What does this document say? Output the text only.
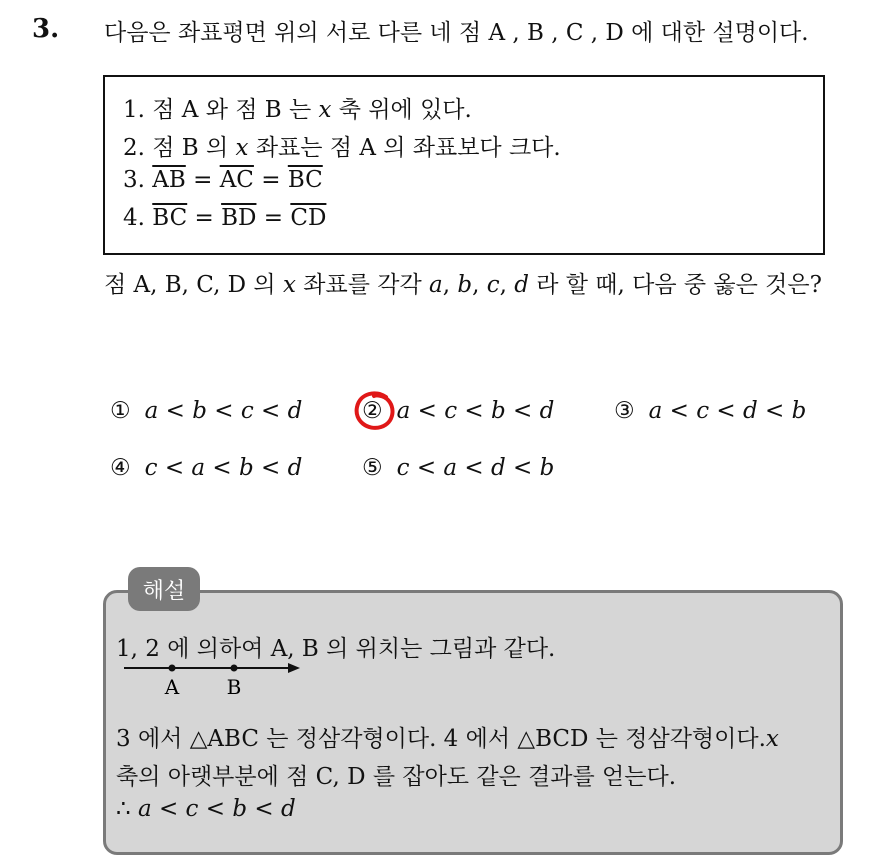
3. 다음은 좌표평면 위의 서로 다른 네 점 A , B , C , D 에 대한 설명이다.
1. 점 A 와 점 B 는 x 축 위에 있다.
2. 점 B 의 x 좌표는 점 A 의 좌표보다 크다.
3. $\overline{AB} = \overline{AC} = \overline{BC}$
4. $\overline{BC} = \overline{BD} = \overline{CD}$
점 A, B, C, D 의 x 좌표를 각각 a, b, c, d 라 할 때, 다음 중 옳은 것은?
① a < b < c < d	② a < c < b < d	③ a < c < d < b
④ c < a < b < d	⑤ c < a < d < b
해설
1, 2 에 의하여 A, B 의 위치는 그림과 같다.
A B
3 에서 △ABC 는 정삼각형이다. 4 에서 △BCD 는 정삼각형이다.x
축의 아랫부분에 점 C, D 를 잡아도 같은 결과를 얻는다.
∴ a < c < b < d
